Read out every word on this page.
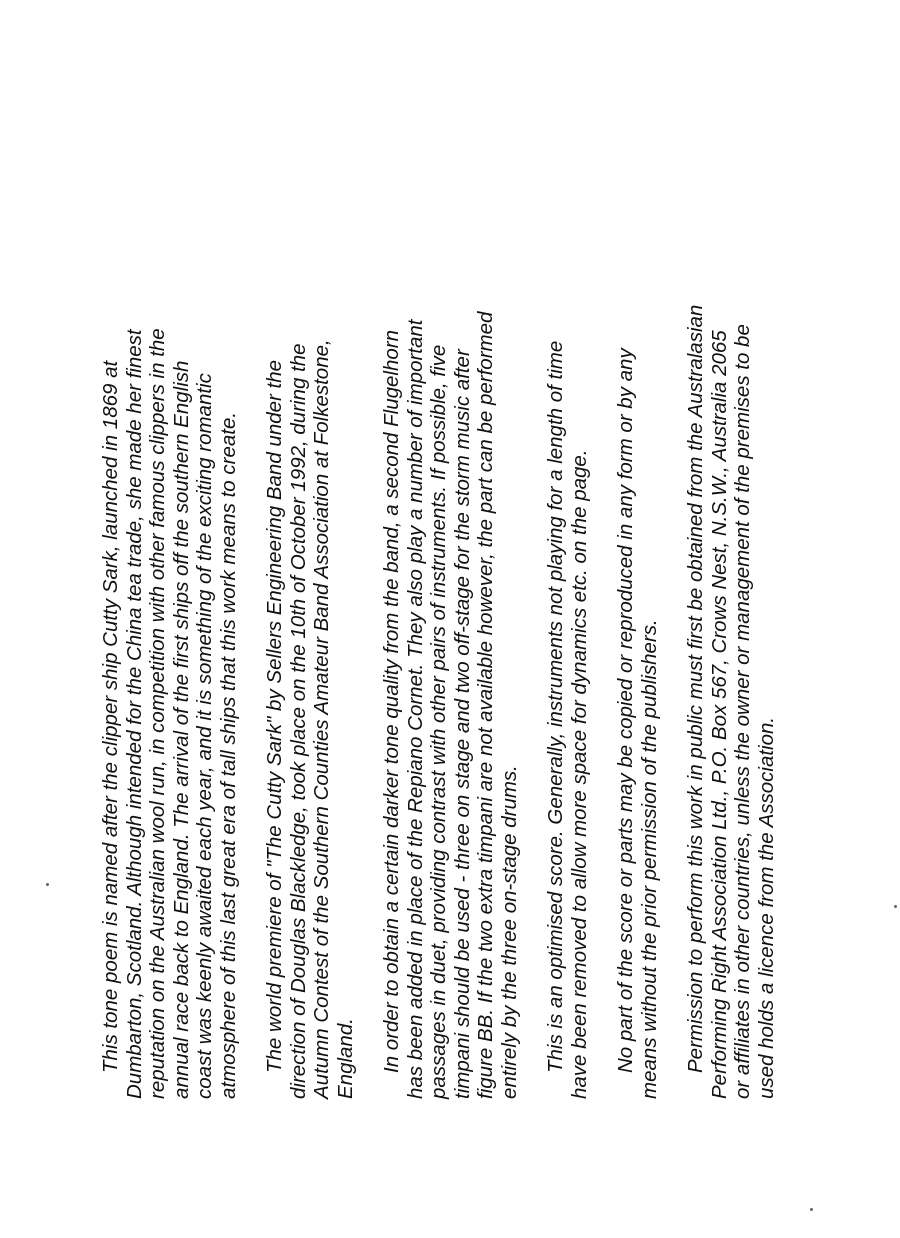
This tone poem is named after the clipper ship Cutty Sark, launched in 1869 at Dumbarton, Scotland. Although intended for the China tea trade, she made her finest reputation on the Australian wool run, in competition with other famous clippers in the annual race back to England. The arrival of the first ships off the southern English coast was keenly awaited each year, and it is something of the exciting romantic atmosphere of this last great era of tall ships that this work means to create. The world premiere of "The Cutty Sark" by Sellers Engineering Band under the direction of Douglas Blackledge, took place on the 10th of October 1992, during the Autumn Contest of the Southern Counties Amateur Band Association at Folkestone, England. In order to obtain a certain darker tone quality from the band, a second Flugelhorn has been added in place of the Repiano Cornet. They also play a number of important passages in duet, providing contrast with other pairs of instruments. If possible, five timpani should be used - three on stage and two off-stage for the storm music after figure BB. If the two extra timpani are not available however, the part can be performed entirely by the three on-stage drums. This is an optimised score. Generally, instruments not playing for a length of time have been removed to allow more space for dynamics etc. on the page. No part of the score or parts may be copied or reproduced in any form or by any means without the prior permission of the publishers. Permission to perform this work in public must first be obtained from the Australasian Performing Right Association Ltd., P.O. Box 567, Crows Nest, N.S.W., Australia 2065 or affiliates in other countries, unless the owner or management of the premises to be used holds a licence from the Association.
